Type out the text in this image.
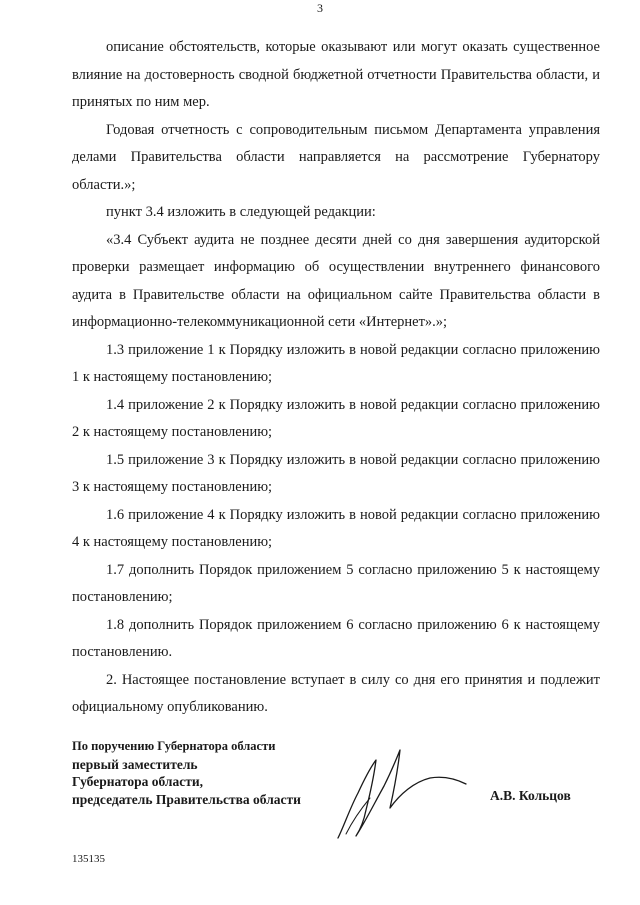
3

описание обстоятельств, которые оказывают или могут оказать существенное влияние на достоверность сводной бюджетной отчетности Правительства области, и принятых по ним мер.

Годовая отчетность с сопроводительным письмом Департамента управления делами Правительства области направляется на рассмотрение Губернатору области.»;

пункт 3.4 изложить в следующей редакции:

«3.4 Субъект аудита не позднее десяти дней со дня завершения аудиторской проверки размещает информацию об осуществлении внутреннего финансового аудита в Правительстве области на официальном сайте Правительства области в информационно-телекоммуникационной сети «Интернет».»;

1.3 приложение 1 к Порядку изложить в новой редакции согласно приложению 1 к настоящему постановлению;

1.4 приложение 2 к Порядку изложить в новой редакции согласно приложению 2 к настоящему постановлению;

1.5 приложение 3 к Порядку изложить в новой редакции согласно приложению 3 к настоящему постановлению;

1.6 приложение 4 к Порядку изложить в новой редакции согласно приложению 4 к настоящему постановлению;

1.7 дополнить Порядок приложением 5 согласно приложению 5 к настоящему постановлению;

1.8 дополнить Порядок приложением 6 согласно приложению 6 к настоящему постановлению.

2. Настоящее постановление вступает в силу со дня его принятия и подлежит официальному опубликованию.

По поручению Губернатора области
первый заместитель
Губернатора области,
председатель Правительства области	А.В. Кольцов
135135
